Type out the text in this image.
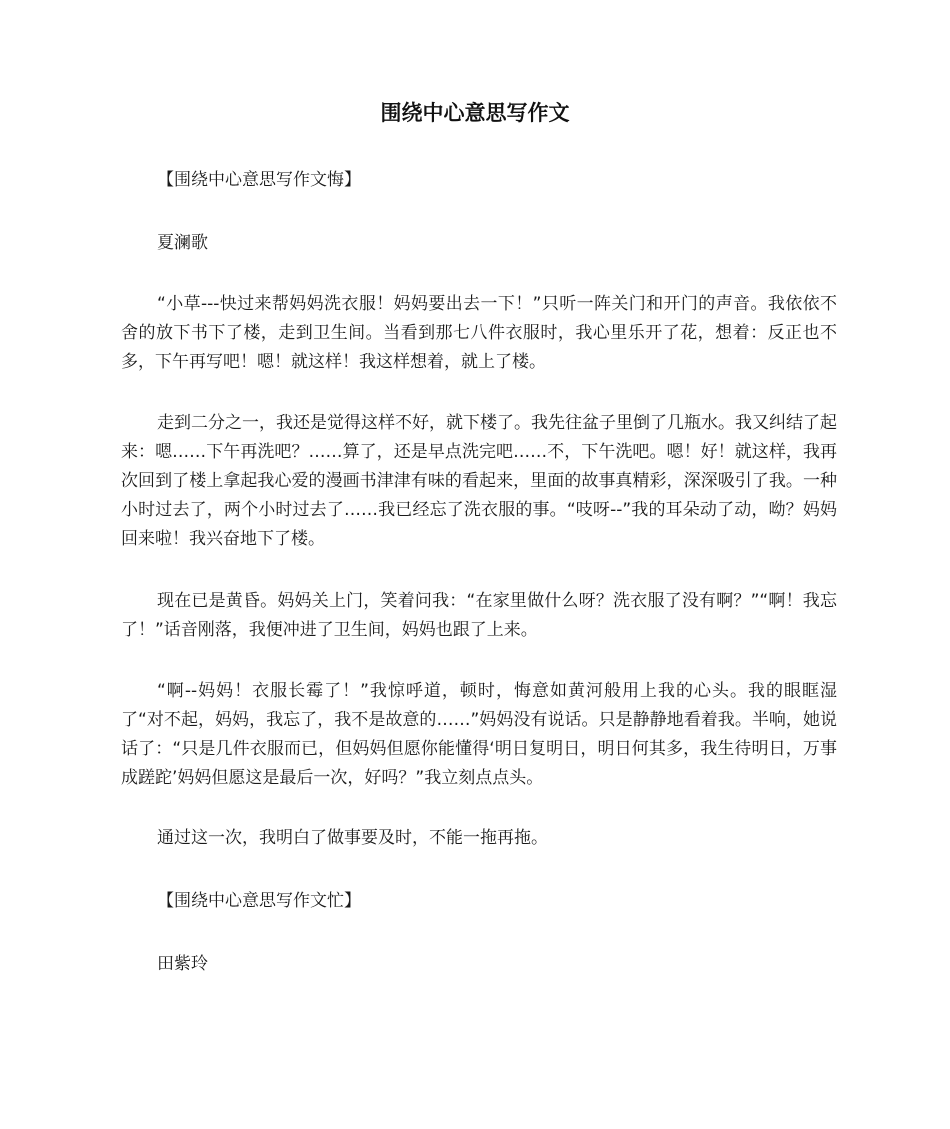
围绕中心意思写作文

【围绕中心意思写作文悔】

夏澜歌

“小草---快过来帮妈妈洗衣服！妈妈要出去一下！”只听一阵关门和开门的声音。我依依不舍的放下书下了楼，走到卫生间。当看到那七八件衣服时，我心里乐开了花，想着：反正也不多，下午再写吧！嗯！就这样！我这样想着，就上了楼。

走到二分之一，我还是觉得这样不好，就下楼了。我先往盆子里倒了几瓶水。我又纠结了起来：嗯……下午再洗吧？……算了，还是早点洗完吧……不，下午洗吧。嗯！好！就这样，我再次回到了楼上拿起我心爱的漫画书津津有味的看起来，里面的故事真精彩，深深吸引了我。一种小时过去了，两个小时过去了……我已经忘了洗衣服的事。“吱呀--”我的耳朵动了动，呦？妈妈回来啦！我兴奋地下了楼。

现在已是黄昏。妈妈关上门，笑着问我：“在家里做什么呀？洗衣服了没有啊？”“啊！我忘了！”话音刚落，我便冲进了卫生间，妈妈也跟了上来。

“啊--妈妈！衣服长霉了！”我惊呼道，顿时，悔意如黄河般用上我的心头。我的眼眶湿了“对不起，妈妈，我忘了，我不是故意的……”妈妈没有说话。只是静静地看着我。半响，她说话了：“只是几件衣服而已，但妈妈但愿你能懂得‘明日复明日，明日何其多，我生待明日，万事成蹉跎’妈妈但愿这是最后一次，好吗？”我立刻点点头。

通过这一次，我明白了做事要及时，不能一拖再拖。

【围绕中心意思写作文忙】

田紫玲
